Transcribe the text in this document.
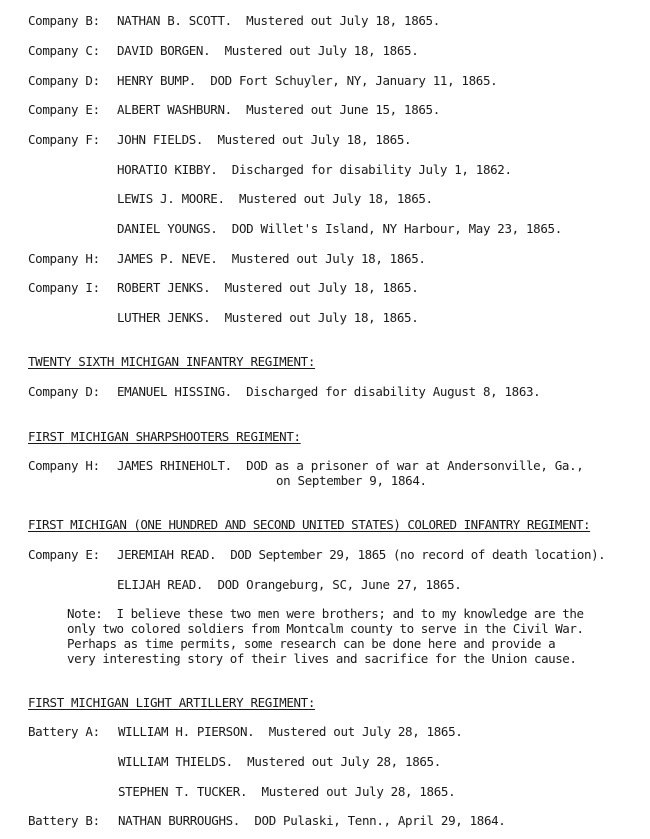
Company B: NATHAN B. SCOTT.  Mustered out July 18, 1865.
Company C: DAVID BORGEN.  Mustered out July 18, 1865.
Company D: HENRY BUMP.  DOD Fort Schuyler, NY, January 11, 1865.
Company E: ALBERT WASHBURN.  Mustered out June 15, 1865.
Company F: JOHN FIELDS.  Mustered out July 18, 1865.
HORATIO KIBBY.  Discharged for disability July 1, 1862.
LEWIS J. MOORE.  Mustered out July 18, 1865.
DANIEL YOUNGS.  DOD Willet's Island, NY Harbour, May 23, 1865.
Company H: JAMES P. NEVE.  Mustered out July 18, 1865.
Company I: ROBERT JENKS.  Mustered out July 18, 1865.
LUTHER JENKS.  Mustered out July 18, 1865.
TWENTY SIXTH MICHIGAN INFANTRY REGIMENT:
Company D: EMANUEL HISSING.  Discharged for disability August 8, 1863.
FIRST MICHIGAN SHARPSHOOTERS REGIMENT:
Company H: JAMES RHINEHOLT.  DOD as a prisoner of war at Andersonville, Ga.,
on September 9, 1864.
FIRST MICHIGAN (ONE HUNDRED AND SECOND UNITED STATES) COLORED INFANTRY REGIMENT:
Company E: JEREMIAH READ.  DOD September 29, 1865 (no record of death location).
ELIJAH READ.  DOD Orangeburg, SC, June 27, 1865.
Note:  I believe these two men were brothers; and to my knowledge are the
only two colored soldiers from Montcalm county to serve in the Civil War.
Perhaps as time permits, some research can be done here and provide a
very interesting story of their lives and sacrifice for the Union cause.
FIRST MICHIGAN LIGHT ARTILLERY REGIMENT:
Battery A: WILLIAM H. PIERSON.  Mustered out July 28, 1865.
WILLIAM THIELDS.  Mustered out July 28, 1865.
STEPHEN T. TUCKER.  Mustered out July 28, 1865.
Battery B: NATHAN BURROUGHS.  DOD Pulaski, Tenn., April 29, 1864.
